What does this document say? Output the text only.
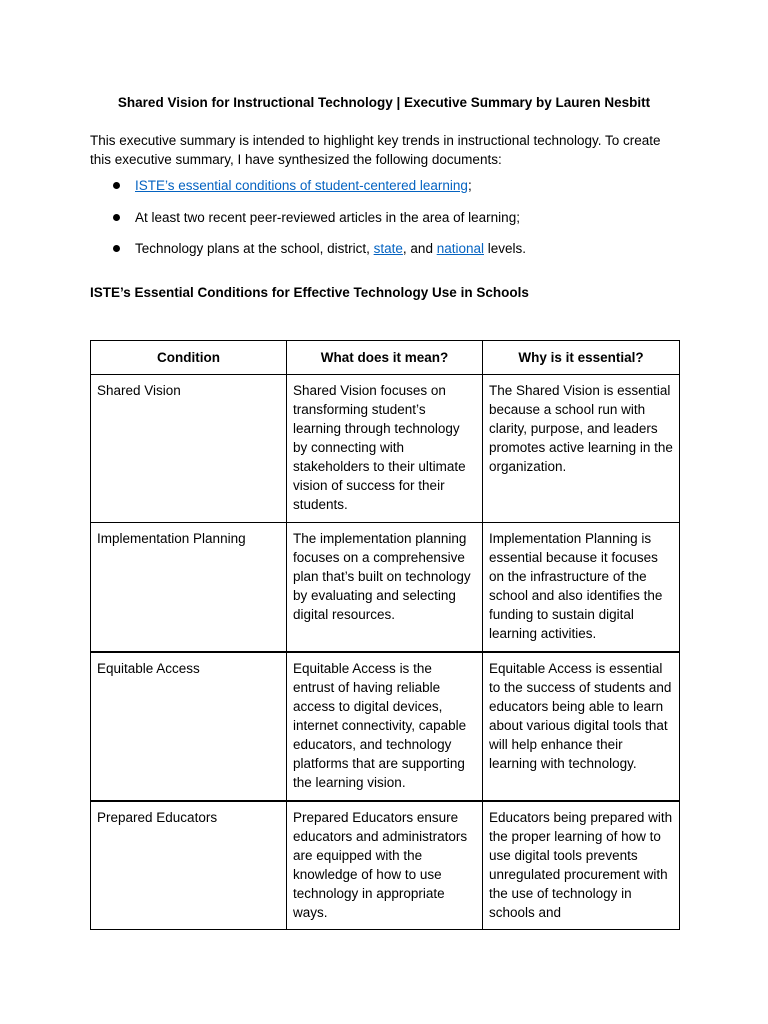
Shared Vision for Instructional Technology | Executive Summary by Lauren Nesbitt
This executive summary is intended to highlight key trends in instructional technology. To create this executive summary, I have synthesized the following documents:
ISTE’s essential conditions of student-centered learning;
At least two recent peer-reviewed articles in the area of learning;
Technology plans at the school, district, state, and national levels.
ISTE’s Essential Conditions for Effective Technology Use in Schools
Condition	What does it mean?	Why is it essential?
Shared Vision	Shared Vision focuses on transforming student’s learning through technology by connecting with stakeholders to their ultimate vision of success for their students.	The Shared Vision is essential because a school run with clarity, purpose, and leaders promotes active learning in the organization.
Implementation Planning	The implementation planning focuses on a comprehensive plan that’s built on technology by evaluating and selecting digital resources.	Implementation Planning is essential because it focuses on the infrastructure of the school and also identifies the funding to sustain digital learning activities.
Equitable Access	Equitable Access is the entrust of having reliable access to digital devices, internet connectivity, capable educators, and technology platforms that are supporting the learning vision.	Equitable Access is essential to the success of students and educators being able to learn about various digital tools that will help enhance their learning with technology.
Prepared Educators	Prepared Educators ensure educators and administrators are equipped with the knowledge of how to use technology in appropriate ways.	Educators being prepared with the proper learning of how to use digital tools prevents unregulated procurement with the use of technology in schools and
